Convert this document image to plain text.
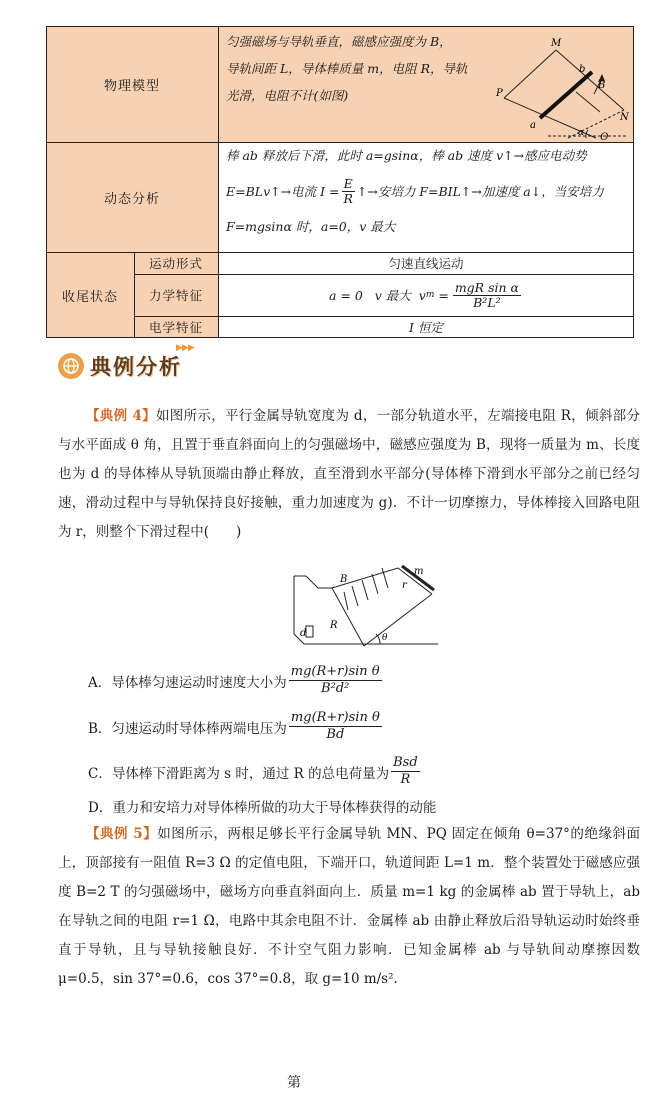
物理模型
匀强磁场与导轨垂直，磁感应强度为 B，
导轨间距 L，导体棒质量 m，电阻 R，导轨
光滑，电阻不计(如图)
M
b
B
P
N
a
α Q
动态分析
棒 ab 释放后下滑，此时 a=gsinα，棒 ab 速度 v↑→感应电动势
E=BLv↑→电流 $I = \frac{E}{R}$ ↑→安培力 F=BIL↑→加速度 a↓，当安培力
F=mgsinα 时，a=0，v 最大
收尾状态
运动形式	匀速直线运动
力学特征	a = 0   v 最大  v $m = \frac{\text{mgR sin α}}{\text{B²L²}}$
电学特征	I 恒定
▶▶▶
典例分析
【典例 4】如图所示，平行金属导轨宽度为 d，一部分轨道水平，左端接电阻 R，倾斜部分与水平面成 θ 角，且置于垂直斜面向上的匀强磁场中，磁感应强度为 B，现将一质量为 m、长度也为 d 的导体棒从导轨顶端由静止释放，直至滑到水平部分(导体棒下滑到水平部分之前已经匀速，滑动过程中与导轨保持良好接触，重力加速度为 g)．不计一切摩擦力，导体棒接入回路电阻为 r，则整个下滑过程中(　　)
B
r
m
d
R
θ
A．导体棒匀速运动时速度大小为 $\frac{\text{mg(R+r)sin θ}}{\text{B²d²}}$
B．匀速运动时导体棒两端电压为 $\frac{\text{mg(R+r)sin θ}}{Bd}$
C．导体棒下滑距离为 s 时，通过 R 的总电荷量为 $\frac{\text{Bsd}}{R}$
D．重力和安培力对导体棒所做的功大于导体棒获得的动能
【典例 5】如图所示，两根足够长平行金属导轨 MN、PQ 固定在倾角 θ=37°的绝缘斜面上，顶部接有一阻值 R=3 Ω 的定值电阻，下端开口，轨道间距 L=1 m．整个装置处于磁感应强度 B=2 T 的匀强磁场中，磁场方向垂直斜面向上．质量 m=1 kg 的金属棒 ab 置于导轨上，ab 在导轨之间的电阻 r=1 Ω，电路中其余电阻不计．金属棒 ab 由静止释放后沿导轨运动时始终垂直于导轨，且与导轨接触良好．不计空气阻力影响．已知金属棒 ab 与导轨间动摩擦因数 μ=0.5，sin 37°=0.6，cos 37°=0.8，取 g=10 m/s².
第
